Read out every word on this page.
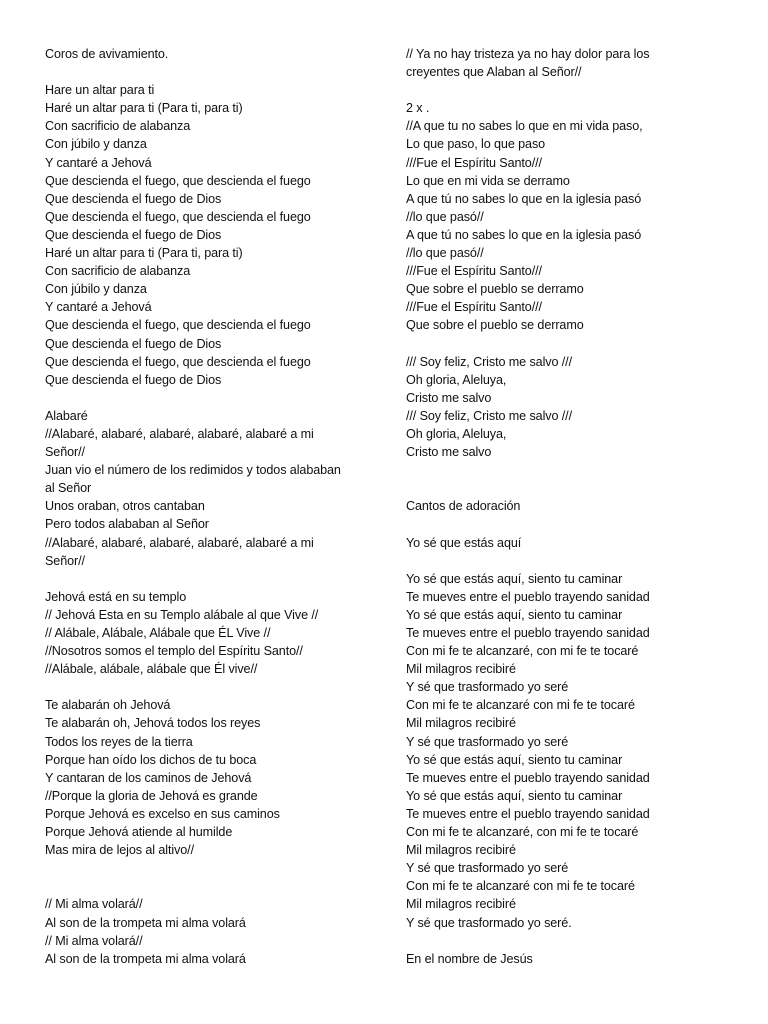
Coros de avivamiento.
Hare un altar para ti
Haré un altar para ti (Para ti, para ti)
Con sacrificio de alabanza
Con júbilo y danza
Y cantaré a Jehová
Que descienda el fuego, que descienda el fuego
Que descienda el fuego de Dios
Que descienda el fuego, que descienda el fuego
Que descienda el fuego de Dios
Haré un altar para ti (Para ti, para ti)
Con sacrificio de alabanza
Con júbilo y danza
Y cantaré a Jehová
Que descienda el fuego, que descienda el fuego
Que descienda el fuego de Dios
Que descienda el fuego, que descienda el fuego
Que descienda el fuego de Dios
Alabaré
//Alabaré, alabaré, alabaré, alabaré, alabaré a mi
Señor//
Juan vio el número de los redimidos y todos alababan
al Señor
Unos oraban, otros cantaban
Pero todos alababan al Señor
//Alabaré, alabaré, alabaré, alabaré, alabaré a mi
Señor//
Jehová está en su templo
// Jehová Esta en su Templo alábale al que Vive //
// Alábale, Alábale, Alábale que ÉL Vive //
//Nosotros somos el templo del Espíritu Santo//
//Alábale, alábale, alábale que Él vive//
Te alabarán oh Jehová
Te alabarán oh, Jehová todos los reyes
Todos los reyes de la tierra
Porque han oído los dichos de tu boca
Y cantaran de los caminos de Jehová
//Porque la gloria de Jehová es grande
Porque Jehová es excelso en sus caminos
Porque Jehová atiende al humilde
Mas mira de lejos al altivo//
// Mi alma volará//
Al son de la trompeta mi alma volará
// Mi alma volará//
Al son de la trompeta mi alma volará
// Ya no hay tristeza ya no hay dolor para los
creyentes que Alaban al Señor//
2 x .
//A que tu no sabes lo que en mi vida paso,
Lo que paso, lo que paso
///Fue el Espíritu Santo///
Lo que en mi vida se derramo
A que tú no sabes lo que en la iglesia pasó
//lo que pasó//
A que tú no sabes lo que en la iglesia pasó
//lo que pasó//
///Fue el Espíritu Santo///
Que sobre el pueblo se derramo
///Fue el Espíritu Santo///
Que sobre el pueblo se derramo
/// Soy feliz, Cristo me salvo ///
Oh gloria, Aleluya,
Cristo me salvo
/// Soy feliz, Cristo me salvo ///
Oh gloria, Aleluya,
Cristo me salvo
Cantos de adoración
Yo sé que estás aquí
Yo sé que estás aquí, siento tu caminar
Te mueves entre el pueblo trayendo sanidad
Yo sé que estás aquí, siento tu caminar
Te mueves entre el pueblo trayendo sanidad
Con mi fe te alcanzaré, con mi fe te tocaré
Mil milagros recibiré
Y sé que trasformado yo seré
Con mi fe te alcanzaré con mi fe te tocaré
Mil milagros recibiré
Y sé que trasformado yo seré
Yo sé que estás aquí, siento tu caminar
Te mueves entre el pueblo trayendo sanidad
Yo sé que estás aquí, siento tu caminar
Te mueves entre el pueblo trayendo sanidad
Con mi fe te alcanzaré, con mi fe te tocaré
Mil milagros recibiré
Y sé que trasformado yo seré
Con mi fe te alcanzaré con mi fe te tocaré
Mil milagros recibiré
Y sé que trasformado yo seré.
En el nombre de Jesús
